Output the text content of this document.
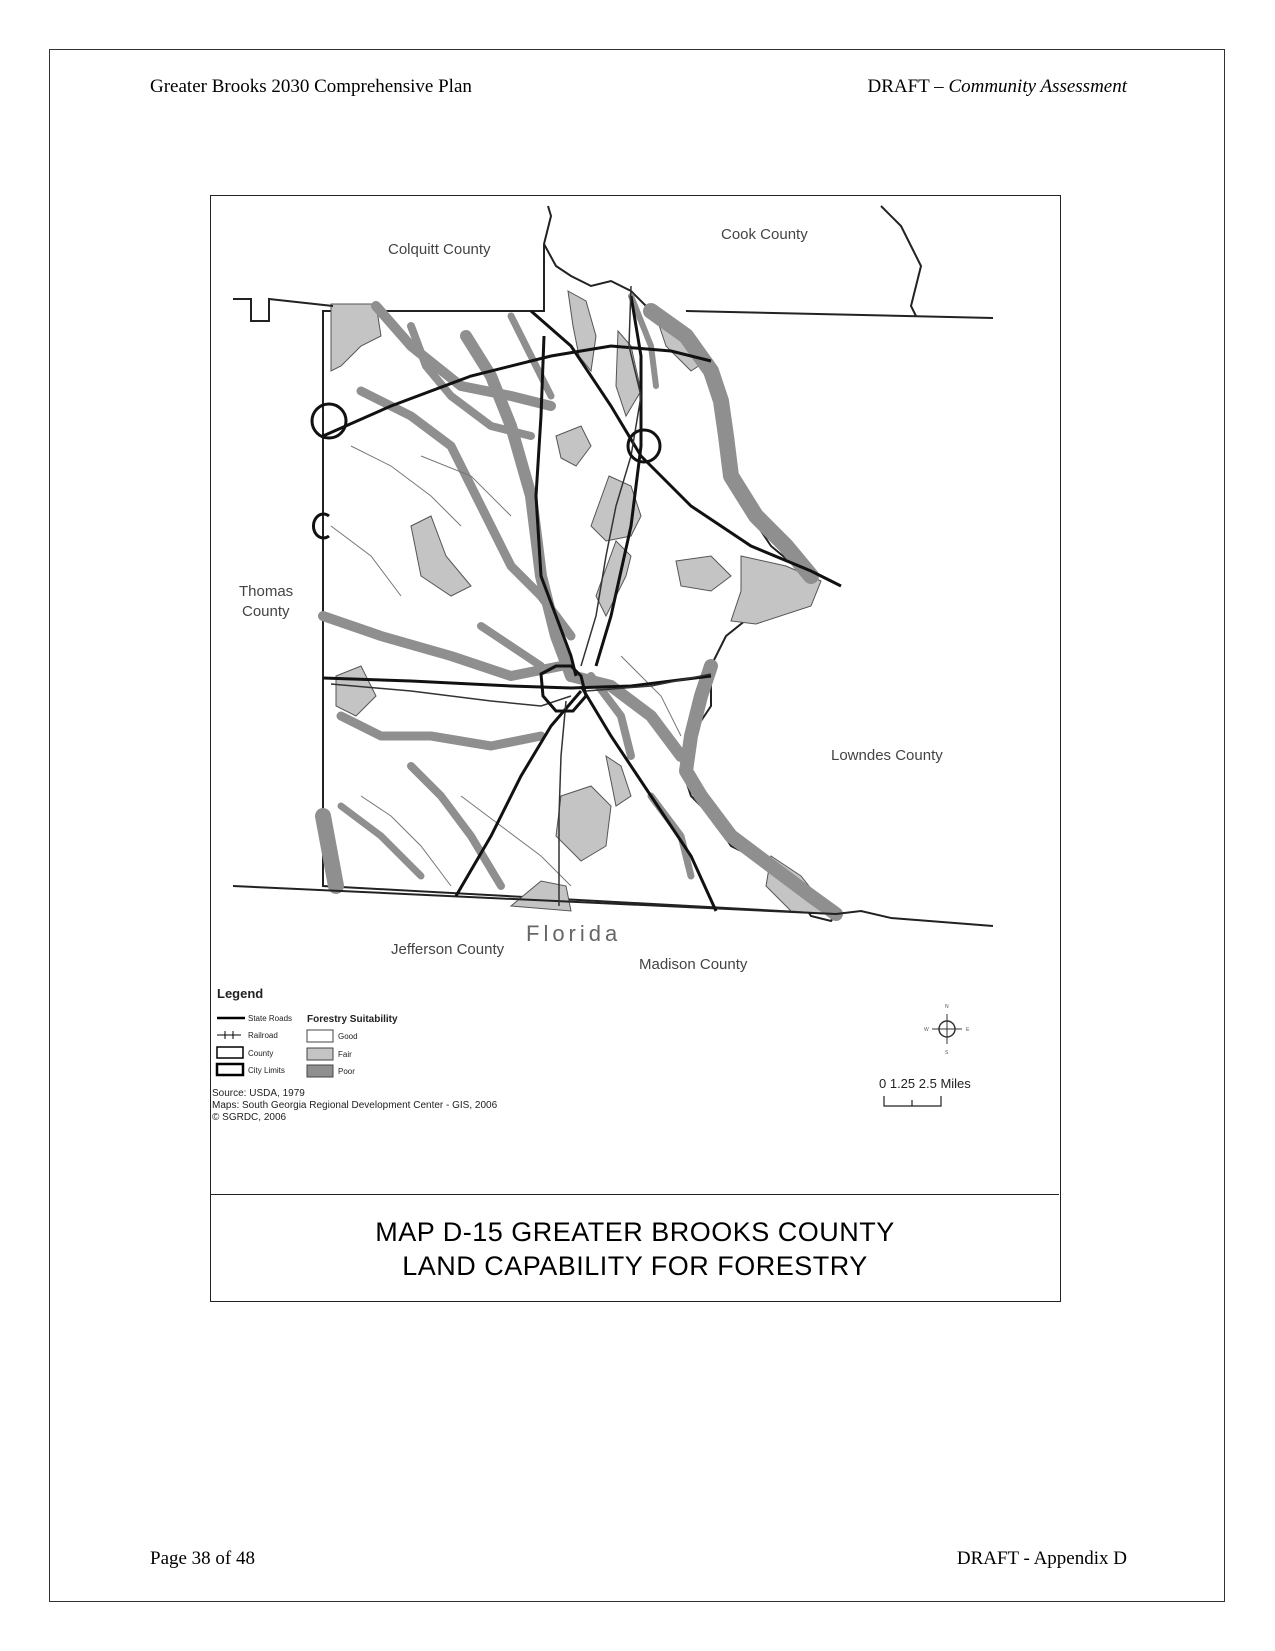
Greater Brooks 2030 Comprehensive Plan	DRAFT – Community Assessment
Colquitt County
Cook County
Thomas
County
Lowndes County
Florida
Jefferson County
Madison County
Legend
State Roads
Railroad
County
City Limits
Forestry Suitability
Good
Fair
Poor
Source: USDA, 1979
Maps: South Georgia Regional Development Center - GIS, 2006
© SGRDC, 2006
N
S
E
W
0 1.25 2.5 Miles
MAP D-15 GREATER BROOKS COUNTY
LAND CAPABILITY FOR FORESTRY
Page 38 of 48	DRAFT - Appendix D
